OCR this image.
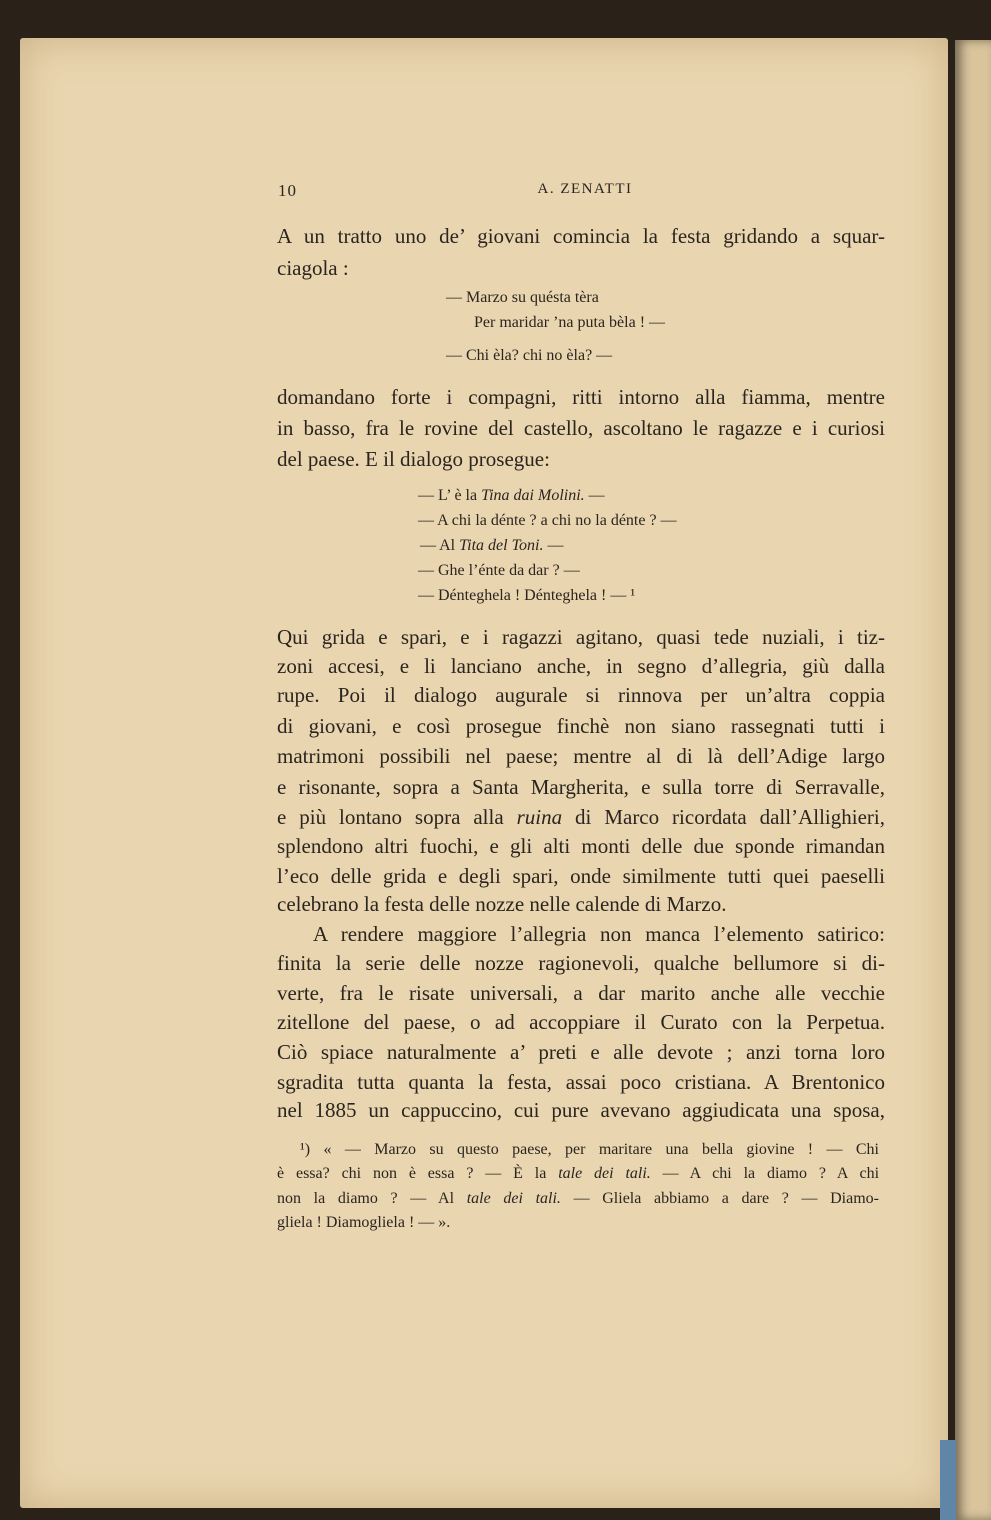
10	A. ZENATTI
A un tratto uno de’ giovani comincia la festa gridando a squar-
ciagola :
— Marzo su quésta tèra
Per maridar ’na puta bèla ! —
— Chi èla? chi no èla? —
domandano forte i compagni, ritti intorno alla fiamma, mentre
in basso, fra le rovine del castello, ascoltano le ragazze e i curiosi
del paese. E il dialogo prosegue:
— L’ è la Tina dai Molini. —
— A chi la dénte ? a chi no la dénte ? —
— Al Tita del Toni. —
— Ghe l’énte da dar ? —
— Dénteghela ! Dénteghela ! — ¹
Qui grida e spari, e i ragazzi agitano, quasi tede nuziali, i tiz-
zoni accesi, e li lanciano anche, in segno d’allegria, giù dalla
rupe. Poi il dialogo augurale si rinnova per un’altra coppia
di giovani, e così prosegue finchè non siano rassegnati tutti i
matrimoni possibili nel paese; mentre al di là dell’Adige largo
e risonante, sopra a Santa Margherita, e sulla torre di Serravalle,
e più lontano sopra alla ruina di Marco ricordata dall’Allighieri,
splendono altri fuochi, e gli alti monti delle due sponde rimandan
l’eco delle grida e degli spari, onde similmente tutti quei paeselli
celebrano la festa delle nozze nelle calende di Marzo.
A rendere maggiore l’allegria non manca l’elemento satirico:
finita la serie delle nozze ragionevoli, qualche bellumore si di-
verte, fra le risate universali, a dar marito anche alle vecchie
zitellone del paese, o ad accoppiare il Curato con la Perpetua.
Ciò spiace naturalmente a’ preti e alle devote ; anzi torna loro
sgradita tutta quanta la festa, assai poco cristiana. A Brentonico
nel 1885 un cappuccino, cui pure avevano aggiudicata una sposa,
¹) « — Marzo su questo paese, per maritare una bella giovine ! — Chi
è essa? chi non è essa ? — È la tale dei tali. — A chi la diamo ? A chi
non la diamo ? — Al tale dei tali. — Gliela abbiamo a dare ? — Diamo-
gliela ! Diamogliela ! — ».
